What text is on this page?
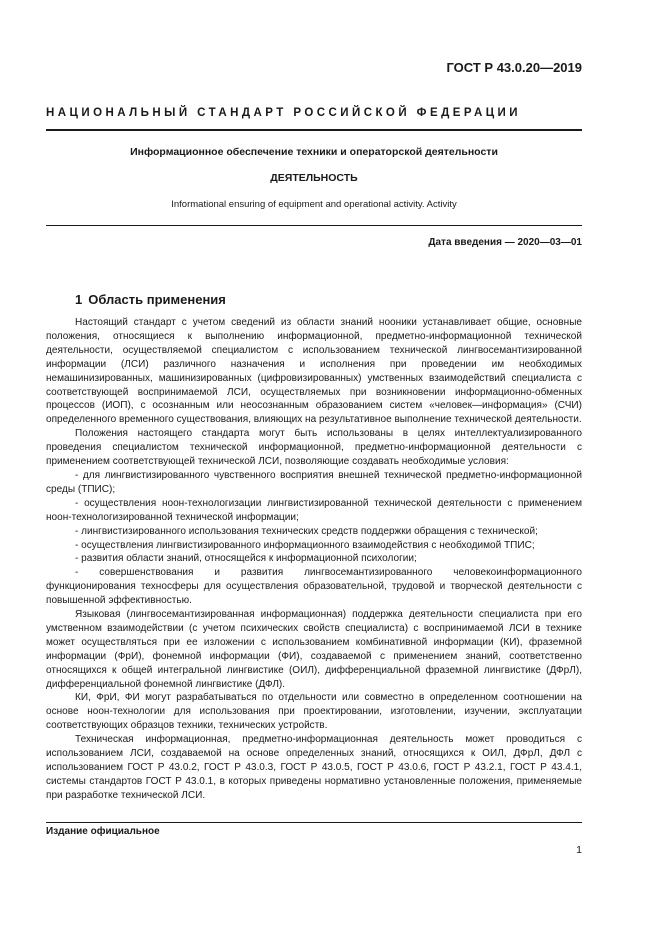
ГОСТ Р 43.0.20—2019
НАЦИОНАЛЬНЫЙ СТАНДАРТ РОССИЙСКОЙ ФЕДЕРАЦИИ
Информационное обеспечение техники и операторской деятельности
ДЕЯТЕЛЬНОСТЬ
Informational ensuring of equipment and operational activity. Activity
Дата введения — 2020—03—01
1 Область применения

Настоящий стандарт с учетом сведений из области знаний нооники устанавливает общие, основные положения, относящиеся к выполнению информационной, предметно-информационной технической деятельности, осуществляемой специалистом с использованием технической лингвосемантизированной информации (ЛСИ) различного назначения и исполнения при проведении им необходимых немашинизированных, машинизированных (цифровизированных) умственных взаимодействий специалиста с соответствующей воспринимаемой ЛСИ, осуществляемых при возникновении информационно-обменных процессов (ИОП), с осознанным или неосознанным образованием систем «человек—информация» (СЧИ) определенного временного существования, влияющих на результативное выполнение технической деятельности.

Положения настоящего стандарта могут быть использованы в целях интеллектуализированного проведения специалистом технической информационной, предметно-информационной деятельности с применением соответствующей технической ЛСИ, позволяющие создавать необходимые условия:

- для лингвистизированного чувственного восприятия внешней технической предметно-информационной среды (ТПИС);

- осуществления ноон-технологизации лингвистизированной технической деятельности с применением ноон-технологизированной технической информации;

- лингвистизированного использования технических средств поддержки обращения с технической;

- осуществления лингвистизированного информационного взаимодействия с необходимой ТПИС;

- развития области знаний, относящейся к информационной психологии;

- совершенствования и развития лингвосемантизированного человекоинформационного функционирования техносферы для осуществления образовательной, трудовой и творческой деятельности с повышенной эффективностью.

Языковая (лингвосемантизированная информационная) поддержка деятельности специалиста при его умственном взаимодействии (с учетом психических свойств специалиста) с воспринимаемой ЛСИ в технике может осуществляться при ее изложении с использованием комбинативной информации (КИ), фраземной информации (ФрИ), фонемной информации (ФИ), создаваемой с применением знаний, соответственно относящихся к общей интегральной лингвистике (ОИЛ), дифференциальной фраземной лингвистике (ДФрЛ), дифференциальной фонемной лингвистике (ДФЛ).

КИ, ФрИ, ФИ могут разрабатываться по отдельности или совместно в определенном соотношении на основе ноон-технологии для использования при проектировании, изготовлении, изучении, эксплуатации соответствующих образцов техники, технических устройств.

Техническая информационная, предметно-информационная деятельность может проводиться с использованием ЛСИ, создаваемой на основе определенных знаний, относящихся к ОИЛ, ДФрЛ, ДФЛ с использованием ГОСТ Р 43.0.2, ГОСТ Р 43.0.3, ГОСТ Р 43.0.5, ГОСТ Р 43.0.6, ГОСТ Р 43.2.1, ГОСТ Р 43.4.1, системы стандартов ГОСТ Р 43.0.1, в которых приведены нормативно установленные положения, применяемые при разработке технической ЛСИ.

Издание официальное
1
